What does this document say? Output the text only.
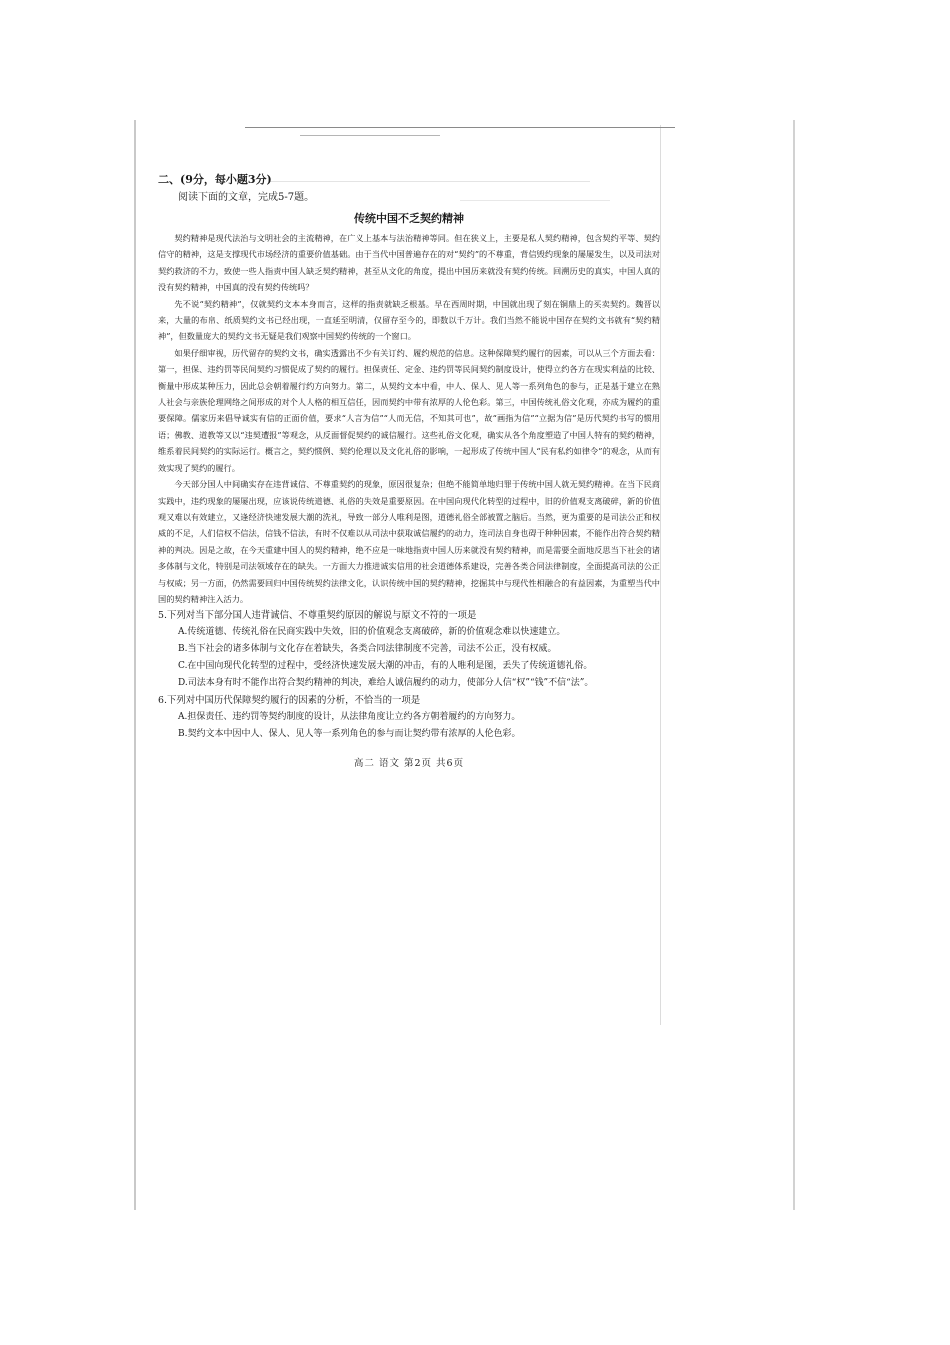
二、(9分，每小题3分)
阅读下面的文章，完成5-7题。
传统中国不乏契约精神

契约精神是现代法治与文明社会的主流精神，在广义上基本与法治精神等同。但在狭义上，主要是私人契约精神，包含契约平等、契约信守的精神，这是支撑现代市场经济的重要价值基础。由于当代中国普遍存在的对“契约”的不尊重，背信毁约现象的屡屡发生，以及司法对契约救济的不力，致使一些人指责中国人缺乏契约精神，甚至从文化的角度，提出中国历来就没有契约传统。回溯历史的真实，中国人真的没有契约精神，中国真的没有契约传统吗？

先不说“契约精神”，仅就契约文本本身而言，这样的指责就缺乏根基。早在西周时期，中国就出现了刻在铜鼎上的买卖契约。魏晋以来，大量的布帛、纸质契约文书已经出现，一直延至明清，仅留存至今的，即数以千万计。我们当然不能说中国存在契约文书就有“契约精神”，但数量庞大的契约文书无疑是我们观察中国契约传统的一个窗口。

如果仔细审视，历代留存的契约文书，确实透露出不少有关订约、履约规范的信息。这种保障契约履行的因素，可以从三个方面去看：第一，担保、违约罚等民间契约习惯促成了契约的履行。担保责任、定金、违约罚等民间契约制度设计，使得立约各方在现实利益的比较、衡量中形成某种压力，因此总会朝着履行约方向努力。第二，从契约文本中看，中人、保人、见人等一系列角色的参与，正是基于建立在熟人社会与亲族伦理网络之间形成的对个人人格的相互信任，因而契约中带有浓厚的人伦色彩。第三，中国传统礼俗文化观，亦成为履约的重要保障。儒家历来倡导诚实有信的正面价值，要求“人言为信”“人而无信，不知其可也”，故“画指为信”“立据为信”是历代契约书写的惯用语；佛教、道教等又以“违契遭报”等观念，从反面督促契约的诚信履行。这些礼俗文化观，确实从各个角度塑造了中国人特有的契约精神，维系着民间契约的实际运行。概言之，契约惯例、契约伦理以及文化礼俗的影响，一起形成了传统中国人“民有私约如律令”的观念，从而有效实现了契约的履行。

今天部分国人中间确实存在违背诚信、不尊重契约的现象，原因很复杂；但绝不能简单地归罪于传统中国人就无契约精神。在当下民商实践中，违约现象的屡屡出现，应该说传统道德、礼俗的失效是重要原因。在中国向现代化转型的过程中，旧的价值观支离破碎，新的价值观又难以有效建立，又逢经济快速发展大潮的洗礼，导致一部分人唯利是图，道德礼俗全部被置之脑后。当然，更为重要的是司法公正和权威的不足，人们信权不信法，信钱不信法，有时不仅难以从司法中获取诚信履约的动力，连司法自身也碍于种种因素，不能作出符合契约精神的判决。因是之故，在今天重建中国人的契约精神，绝不应是一味地指责中国人历来就没有契约精神，而是需要全面地反思当下社会的诸多体制与文化，特别是司法领域存在的缺失。一方面大力推进诚实信用的社会道德体系建设，完善各类合同法律制度，全面提高司法的公正与权威；另一方面，仍然需要回归中国传统契约法律文化，认识传统中国的契约精神，挖掘其中与现代性相融合的有益因素，为重塑当代中国的契约精神注入活力。

5.下列对当下部分国人违背诚信、不尊重契约原因的解说与原文不符的一项是

A.传统道德、传统礼俗在民商实践中失效，旧的价值观念支离破碎，新的价值观念难以快速建立。

B.当下社会的诸多体制与文化存在着缺失，各类合同法律制度不完善，司法不公正，没有权威。

C.在中国向现代化转型的过程中，受经济快速发展大潮的冲击，有的人唯利是图，丢失了传统道德礼俗。

D.司法本身有时不能作出符合契约精神的判决，难给人诚信履约的动力，使部分人信“权”“钱”不信“法”。

6.下列对中国历代保障契约履行的因素的分析，不恰当的一项是

A.担保责任、违约罚等契约制度的设计，从法律角度让立约各方朝着履约的方向努力。

B.契约文本中因中人、保人、见人等一系列角色的参与而让契约带有浓厚的人伦色彩。

高二 语文 第2页 共6页
